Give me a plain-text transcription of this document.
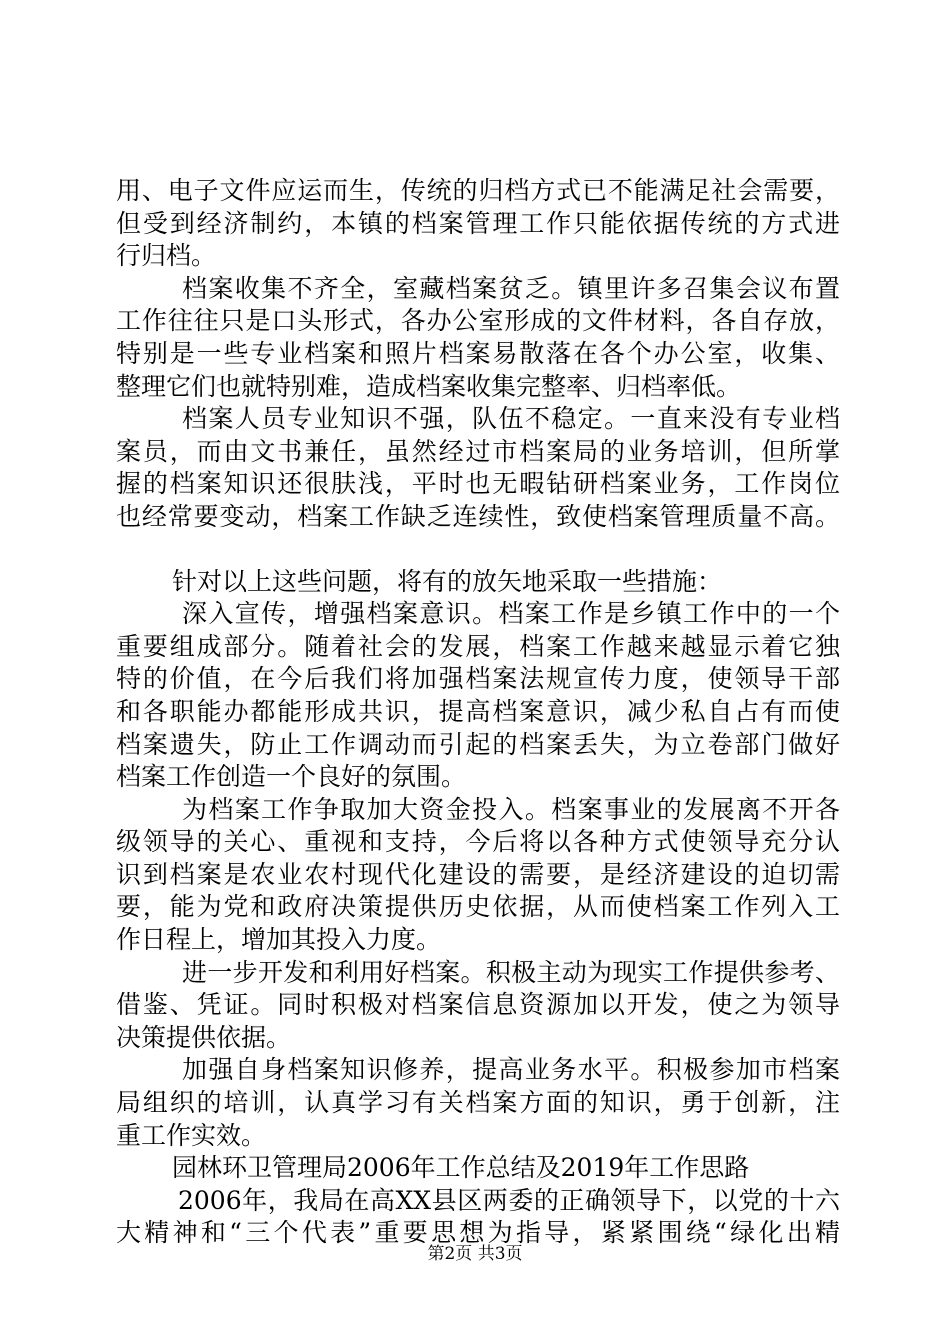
用、电子文件应运而生，传统的归档方式已不能满足社会需要，
但受到经济制约，本镇的档案管理工作只能依据传统的方式进
行归档。
档案收集不齐全，室藏档案贫乏。镇里许多召集会议布置
工作往往只是口头形式，各办公室形成的文件材料，各自存放，
特别是一些专业档案和照片档案易散落在各个办公室，收集、
整理它们也就特别难，造成档案收集完整率、归档率低。
档案人员专业知识不强，队伍不稳定。一直来没有专业档
案员，而由文书兼任，虽然经过市档案局的业务培训，但所掌
握的档案知识还很肤浅，平时也无暇钻研档案业务，工作岗位
也经常要变动，档案工作缺乏连续性，致使档案管理质量不高。
针对以上这些问题，将有的放矢地采取一些措施：
深入宣传，增强档案意识。档案工作是乡镇工作中的一个
重要组成部分。随着社会的发展，档案工作越来越显示着它独
特的价值，在今后我们将加强档案法规宣传力度，使领导干部
和各职能办都能形成共识，提高档案意识，减少私自占有而使
档案遗失，防止工作调动而引起的档案丢失，为立卷部门做好
档案工作创造一个良好的氛围。
为档案工作争取加大资金投入。档案事业的发展离不开各
级领导的关心、重视和支持，今后将以各种方式使领导充分认
识到档案是农业农村现代化建设的需要，是经济建设的迫切需
要，能为党和政府决策提供历史依据，从而使档案工作列入工
作日程上，增加其投入力度。
进一步开发和利用好档案。积极主动为现实工作提供参考、
借鉴、凭证。同时积极对档案信息资源加以开发，使之为领导
决策提供依据。
加强自身档案知识修养，提高业务水平。积极参加市档案
局组织的培训，认真学习有关档案方面的知识，勇于创新，注
重工作实效。
园林环卫管理局2006年工作总结及2019年工作思路
2006年，我局在高XX县区两委的正确领导下，以党的十六
大精神和“三个代表”重要思想为指导，紧紧围绕“绿化出精
第2页 共3页
